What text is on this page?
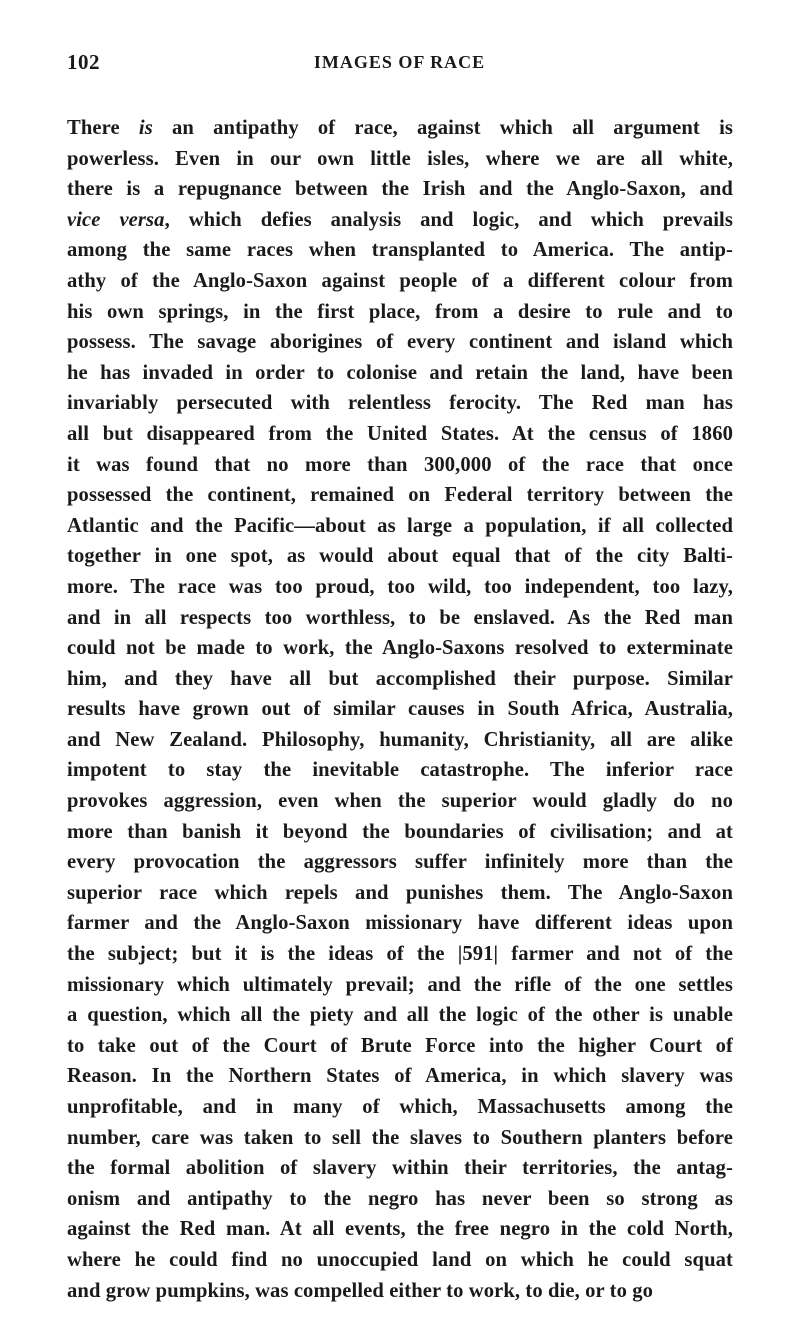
102	IMAGES OF RACE
There is an antipathy of race, against which all argument is
powerless. Even in our own little isles, where we are all white,
there is a repugnance between the Irish and the Anglo-Saxon, and
vice versa, which defies analysis and logic, and which prevails
among the same races when transplanted to America. The antip-
athy of the Anglo-Saxon against people of a different colour from
his own springs, in the first place, from a desire to rule and to
possess. The savage aborigines of every continent and island which
he has invaded in order to colonise and retain the land, have been
invariably persecuted with relentless ferocity. The Red man has
all but disappeared from the United States. At the census of 1860
it was found that no more than 300,000 of the race that once
possessed the continent, remained on Federal territory between the
Atlantic and the Pacific—about as large a population, if all collected
together in one spot, as would about equal that of the city Balti-
more. The race was too proud, too wild, too independent, too lazy,
and in all respects too worthless, to be enslaved. As the Red man
could not be made to work, the Anglo-Saxons resolved to exterminate
him, and they have all but accomplished their purpose. Similar
results have grown out of similar causes in South Africa, Australia,
and New Zealand. Philosophy, humanity, Christianity, all are alike
impotent to stay the inevitable catastrophe. The inferior race
provokes aggression, even when the superior would gladly do no
more than banish it beyond the boundaries of civilisation; and at
every provocation the aggressors suffer infinitely more than the
superior race which repels and punishes them. The Anglo-Saxon
farmer and the Anglo-Saxon missionary have different ideas upon
the subject; but it is the ideas of the |591| farmer and not of the
missionary which ultimately prevail; and the rifle of the one settles
a question, which all the piety and all the logic of the other is unable
to take out of the Court of Brute Force into the higher Court of
Reason. In the Northern States of America, in which slavery was
unprofitable, and in many of which, Massachusetts among the
number, care was taken to sell the slaves to Southern planters before
the formal abolition of slavery within their territories, the antag-
onism and antipathy to the negro has never been so strong as
against the Red man. At all events, the free negro in the cold North,
where he could find no unoccupied land on which he could squat
and grow pumpkins, was compelled either to work, to die, or to go
